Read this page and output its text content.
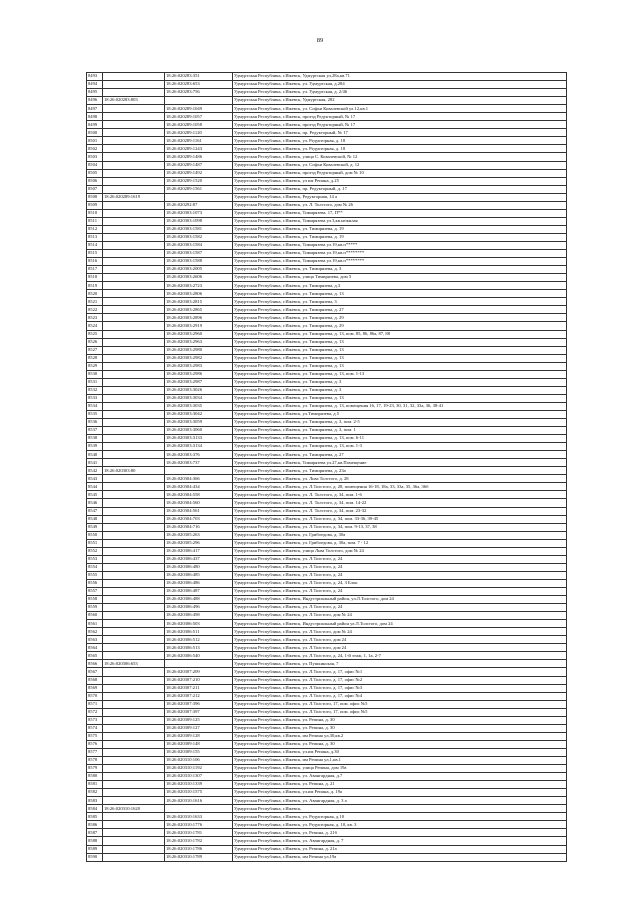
89
8493		18:26:020283:351	Удмуртская Республика, г.Ижевск, Удмуртская ул,28а,кв.71
8494		18:26:020283:653	Удмуртская Республика, г.Ижевск, ул. Удмуртская, д.284
8495		18:26:020283:756	Удмуртская Республика, г.Ижевск, ул. Удмуртская, д. 2/46
8496	18:26:020283:803		Удмуртская Республика, г.Ижевск, Удмуртская, 282
8497		18:26:020289:1049	Удмуртская Республика, г.Ижевск, ул. Софьи Ковалевской ул.12,кв.1
8498		18:26:020289:1057	Удмуртская Республика, г.Ижевск, проезд Редукторный, № 17
8499		18:26:020289:1058	Удмуртская Республика, г.Ижевск, проезд Редукторный, № 17
8500		18:26:020289:1120	Удмуртская Республика, г.Ижевск, пр. Редукторный, № 17
8501		18:26:020289:1161	Удмуртская Республика, г.Ижевск, ул. Редукторная, д. 18
8502		18:26:020289:1243	Удмуртская Республика, г.Ижевск, ул. Редукторная, д. 18
8503		18:26:020289:1486	Удмуртская Республика, г.Ижевск, улица С. Ковалевской, № 12
8504		18:26:020289:1487	Удмуртская Республика, г.Ижевск, ул. Софьи Ковалевской, д. 12
8505		18:26:020289:1492	Удмуртская Республика, г.Ижевск, проезд Редукторный, дом № 10
8506		18:26:020289:1520	Удмуртская Республика, г.Ижевск, ул им Репина, д.25
8507		18:26:020289:1561	Удмуртская Республика, г.Ижевск, пр. Редукторный, д. 17
8508	18:26:020289:1619		Удмуртская Республика, г.Ижевск, Редукторная, 14 а
8509		18:26:020292:87	Удмуртская Республика, г.Ижевск, ул. Л. Толстого, дом № 26
8510		18:26:020303:1073	Удмуртская Республика, г.Ижевск, Тимирязева, 17, П**
8511		18:26:020303:1098	Удмуртская Республика, г.Ижевск, Тимирязева ул.3,кв.нежилая
8512		18:26:020303:1581	Удмуртская Республика, г.Ижевск, ул. Тимирязева, д. 19
8513		18:26:020303:1582	Удмуртская Республика, г.Ижевск, ул. Тимирязева, д. 19
8514		18:26:020303:1584	Удмуртская Республика, г.Ижевск, Тимирязева ул.19,кв.п*****
8515		18:26:020303:1587	Удмуртская Республика, г.Ижевск, Тимирязева ул.19,кв.п********
8516		18:26:020303:1588	Удмуртская Республика, г.Ижевск, Тимирязева ул.19,кв.п********
8517		18:26:020303:2005	Удмуртская Республика, г.Ижевск, ул. Тимирязева, д. 3
8518		18:26:020303:2606	Удмуртская Республика, г.Ижевск, улица Тимирязева, дом 3
8519		18:26:020303:2723	Удмуртская Республика, г.Ижевск, ул. Тимирязева, д.3
8520		18:26:020303:2806	Удмуртская Республика, г.Ижевск, ул. Тимирязева, д. 13
8521		18:26:020303:2815	Удмуртская Республика, г.Ижевск, ул. Тимирязева, 3
8522		18:26:020303:2865	Удмуртская Республика, г.Ижевск, ул. Тимирязева, д. 27
8523		18:26:020303:2896	Удмуртская Республика, г.Ижевск, ул. Тимирязева, д. 29
8524		18:26:020303:2919	Удмуртская Республика, г.Ижевск, ул. Тимирязева, д. 29
8525		18:26:020303:2960	Удмуртская Республика, г.Ижевск, ул. Тимирязева, д. 13, пом. 85, 86, 86а, 87, 88
8526		18:26:020303:2963	Удмуртская Республика, г.Ижевск, ул. Тимирязева, д. 13
8527		18:26:020303:2980	Удмуртская Республика, г.Ижевск, ул. Тимирязева, д. 13
8528		18:26:020303:2982	Удмуртская Республика, г.Ижевск, ул. Тимирязева, д. 13
8529		18:26:020303:2983	Удмуртская Республика, г.Ижевск, ул. Тимирязева, д. 13
8530		18:26:020303:2986	Удмуртская Республика, г.Ижевск, ул. Тимирязева, д. 13, пом. 1-13
8531		18:26:020303:2987	Удмуртская Республика, г.Ижевск, ул. Тимирязева, д. 3
8532		18:26:020303:3026	Удмуртская Республика, г.Ижевск, ул. Тимирязева, д. 3
8533		18:26:020303:3034	Удмуртская Республика, г.Ижевск, ул. Тимирязева, д. 13
8534		18:26:020303:3035	Удмуртская Республика, г.Ижевск, ул. Тимирязева, д. 13, помещения 16, 17, 19-23, 30, 31, 32, 33а, 36, 38-41
8535		18:26:020303:3042	Удмуртская Республика, г.Ижевск, ул.Тимирязева, д.5
8536		18:26:020303:3059	Удмуртская Республика, г.Ижевск, ул. Тимирязева, д. 3, пом. 2-5
8537		18:26:020303:3060	Удмуртская Республика, г.Ижевск, ул. Тимирязева, д. 3, пом. 1
8538		18:26:020303:3133	Удмуртская Республика, г.Ижевск, ул. Тимирязева, д. 13, пом. 6-11
8539		18:26:020303:3134	Удмуртская Республика, г.Ижевск, ул. Тимирязева, д. 13, пом. 1-3
8540		18:26:020303:376	Удмуртская Республика, г.Ижевск, ул. Тимирязева, д. 27
8541		18:26:020303:737	Удмуртская Республика, г.Ижевск, Тимирязева ул.27,кв.Помещение
8542	18:26:020303:80		Удмуртская Республика, г.Ижевск, ул. Тимирязева, д. 23а
8543		18:26:020304:366	Удмуртская Республика, г.Ижевск, ул. Льва Толстого, д. 28
8544		18:26:020304:434	Удмуртская Республика, г.Ижевск, ул. Л.Толстого, д. 28, помещения 16-18, 18а, 33, 33а, 35, 36а, 36б
8545		18:26:020304:558	Удмуртская Республика, г.Ижевск, ул. Л. Толстого, д. 34, пом. 1-6
8546		18:26:020304:560	Удмуртская Республика, г.Ижевск, ул. Л. Толстого, д. 34, пом. 14-22
8547		18:26:020304:561	Удмуртская Республика, г.Ижевск, ул. Л. Толстого, д. 34, пом. 23-32
8548		18:26:020304:703	Удмуртская Республика, г.Ижевск, ул. Л.Толстого, д. 34, пом. 33-36, 39-45
8549		18:26:020304:716	Удмуртская Республика, г.Ижевск, ул. Л.Толстого, д. 34, пом. 9-13, 37, 38
8550		18:26:020305:263	Удмуртская Республика, г.Ижевск, ул. Грибоедова, д. 30а
8551		18:26:020305:296	Удмуртская Республика, г.Ижевск, ул. Грибоедова, д. 30а, пом. 7 - 12
8552		18:26:020306:417	Удмуртская Республика, г.Ижевск, улица Льва Толстого, дом № 24
8553		18:26:020306:437	Удмуртская Республика, г.Ижевск, ул. Л.Толстого, д. 24
8554		18:26:020306:480	Удмуртская Республика, г.Ижевск, ул. Л.Толстого, д. 24
8555		18:26:020306:485	Удмуртская Республика, г.Ижевск, ул. Л.Толстого, д. 24
8556		18:26:020306:486	Удмуртская Республика, г.Ижевск, ул. Л.Толстого, д. 24, 3 Блок
8557		18:26:020306:487	Удмуртская Республика, г.Ижевск, ул. Л.Толстого, д. 24
8558		18:26:020306:488	Удмуртская Республика, г.Ижевск, Индустриальный район, ул.Л.Толстого, дом 24
8559		18:26:020306:496	Удмуртская Республика, г.Ижевск, ул. Л.Толстого, д. 24
8560		18:26:020306:498	Удмуртская Республика, г.Ижевск, ул. Л.Толстого, дом № 24
8561		18:26:020306:503	Удмуртская Республика, г.Ижевск, Индустриальный район ул.Л.Толстого, дом 24
8562		18:26:020306:511	Удмуртская Республика, г.Ижевск, ул. Л.Толстого, дом № 24
8563		18:26:020306:512	Удмуртская Республика, г.Ижевск, ул. Л.Толстого, дом 24
8564		18:26:020306:513	Удмуртская Республика, г.Ижевск, ул. Л.Толстого, дом 24
8565		18:26:020306:540	Удмуртская Республика, г.Ижевск, ул. Л.Толстого, д. 24, 1-й этаж, 1, 1а, 2-7
8566	18:26:020306:653		Удмуртская Республика, г.Ижевск, ул. Пушкинская, 7
8567		18:26:020307:209	Удмуртская Республика, г.Ижевск, ул. Л.Толстого, д. 17, офис №1
8568		18:26:020307:210	Удмуртская Республика, г.Ижевск, ул. Л.Толстого, д. 17, офис №2
8569		18:26:020307:211	Удмуртская Республика, г.Ижевск, ул. Л.Толстого, д. 17, офис №3
8570		18:26:020307:212	Удмуртская Республика, г.Ижевск, ул. Л.Толстого, д. 17, офис №4
8571		18:26:020307:396	Удмуртская Республика, г.Ижевск, ул. Л.Толстого, 17, пом. офис №5
8572		18:26:020307:397	Удмуртская Республика, г.Ижевск, ул. Л.Толстого, 17, пом. офис №5
8573		18:26:020309:125	Удмуртская Республика, г.Ижевск, ул. Репина, д. 30
8574		18:26:020309:127	Удмуртская Республика, г.Ижевск, ул. Репина, д. 30
8575		18:26:020309:128	Удмуртская Республика, г.Ижевск, им Репина ул,30,кв.2
8576		18:26:020309:148	Удмуртская Республика, г.Ижевск, ул. Репина, д. 30
8577		18:26:020309:155	Удмуртская Республика, г.Ижевск, ул.им Репина, д.30
8578		18:26:020310:106	Удмуртская Республика, г.Ижевск, им Репина ул,1,кв.1
8579		18:26:020310:1192	Удмуртская Республика, г.Ижевск, улица Репина, дом 19а
8580		18:26:020310:1307	Удмуртская Республика, г.Ижевск, ул. Авангардная, д.7
8581		18:26:020310:1339	Удмуртская Республика, г.Ижевск, ул. Репина, д. 21
8582		18:26:020310:1575	Удмуртская Республика, г.Ижевск, ул.им Репина, д. 19а
8583		18:26:020310:1616	Удмуртская Республика, г.Ижевск, ул. Авангардная, д. 3 а
8584	18:26:020310:1620		Удмуртская Республика, г.Ижевск,
8585		18:26:020310:1633	Удмуртская Республика, г.Ижевск, ул. Редукторная, д.10
8586		18:26:020310:1776	Удмуртская Республика, г.Ижевск, ул. Редукторная, д. 10, кв. 3
8587		18:26:020310:1781	Удмуртская Республика, г.Ижевск, ул. Репина, д. 21б
8588		18:26:020310:1782	Удмуртская Республика, г.Ижевск, ул. Авангардная, д. 7
8589		18:26:020310:1786	Удмуртская Республика, г.Ижевск, ул. Репина, д. 21а
8590		18:26:020310:1789	Удмуртская Республика, г.Ижевск, им Репина ул,19а
